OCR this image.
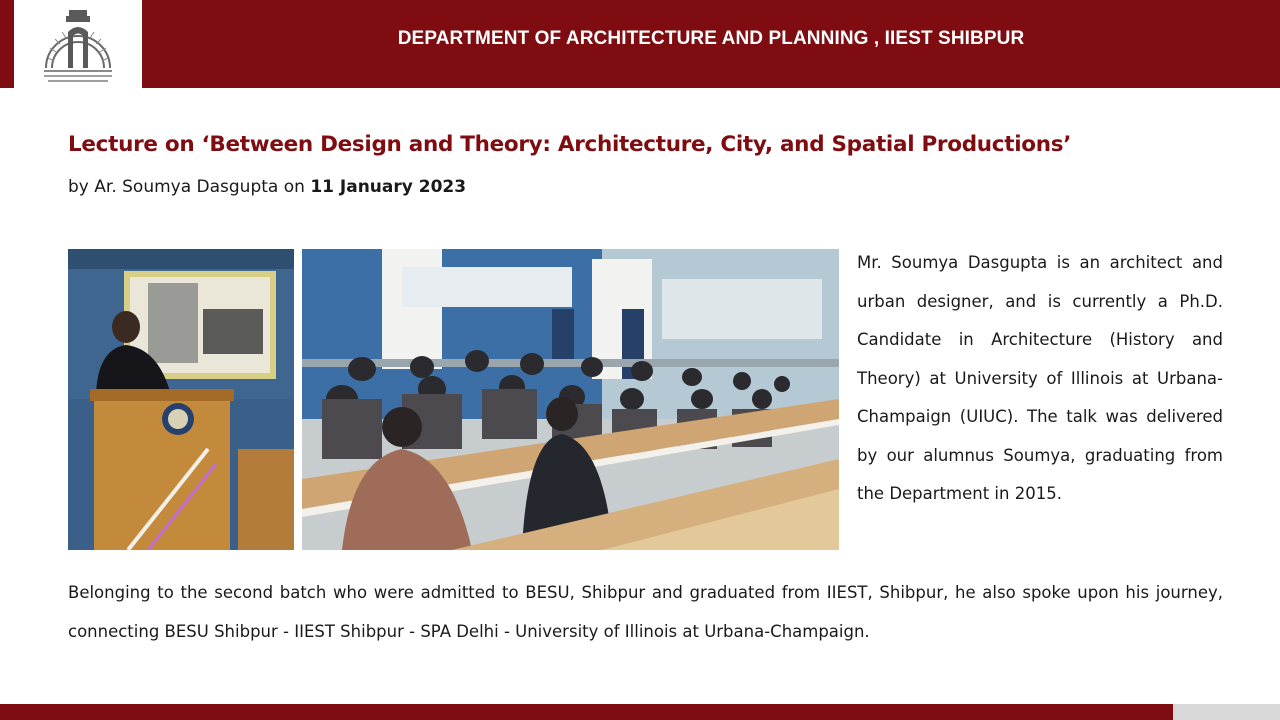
DEPARTMENT OF ARCHITECTURE AND PLANNING , IIEST SHIBPUR
Lecture on ‘Between Design and Theory: Architecture, City, and Spatial Productions’
by Ar. Soumya Dasgupta on 11 January 2023
Mr. Soumya Dasgupta is an architect and urban designer, and is currently a Ph.D. Candidate in Architecture (History and Theory) at University of Illinois at Urbana-Champaign (UIUC). The talk was delivered by our alumnus Soumya, graduating from the Department in 2015.
Belonging to the second batch who were admitted to BESU, Shibpur and graduated from IIEST, Shibpur, he also spoke upon his journey, connecting BESU Shibpur - IIEST Shibpur - SPA Delhi - University of Illinois at Urbana-Champaign.
